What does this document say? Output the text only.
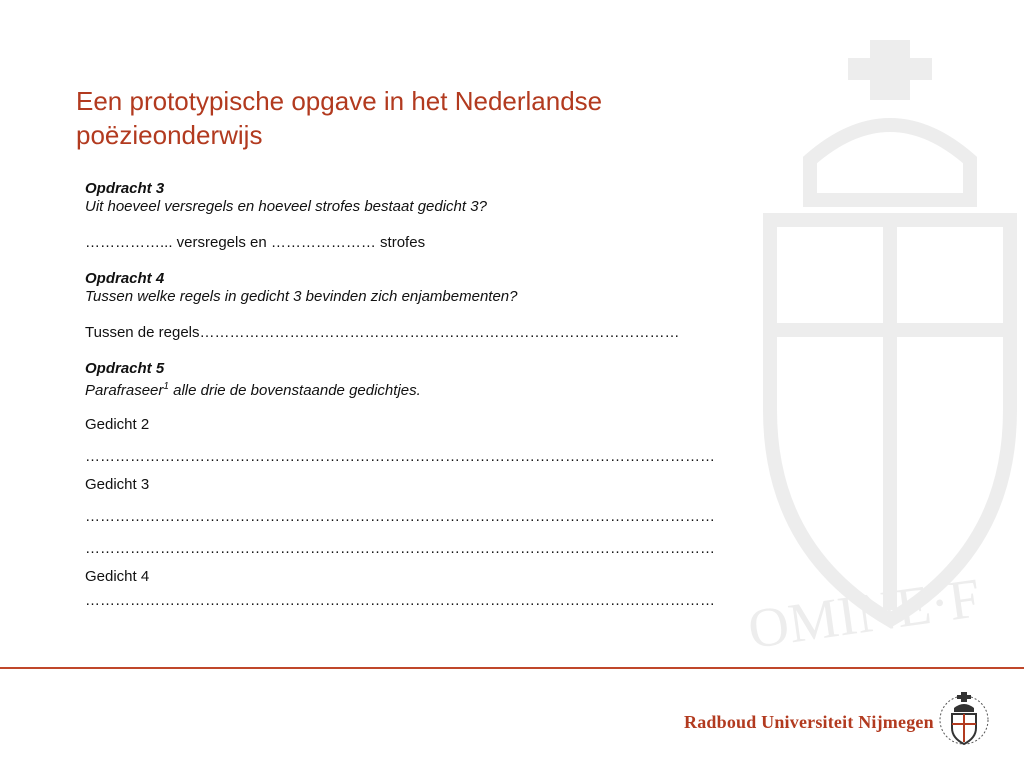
OMINE·F
Een prototypische opgave in het Nederlandse
poëzieonderwijs

Opdracht 3

Uit hoeveel versregels en hoeveel strofes bestaat gedicht 3?

……………... versregels en ………………… strofes

Opdracht 4

Tussen welke regels in gedicht 3 bevinden zich enjambementen?

Tussen de regels……………………………………………………………………………………

Opdracht 5

Parafraseer$^1$ alle drie de bovenstaande gedichtjes.

Gedicht 2

………………………………………………………………………………………………………………

Gedicht 3

………………………………………………………………………………………………………………

………………………………………………………………………………………………………………

Gedicht 4

………………………………………………………………………………………………………………

Radboud Universiteit Nijmegen
